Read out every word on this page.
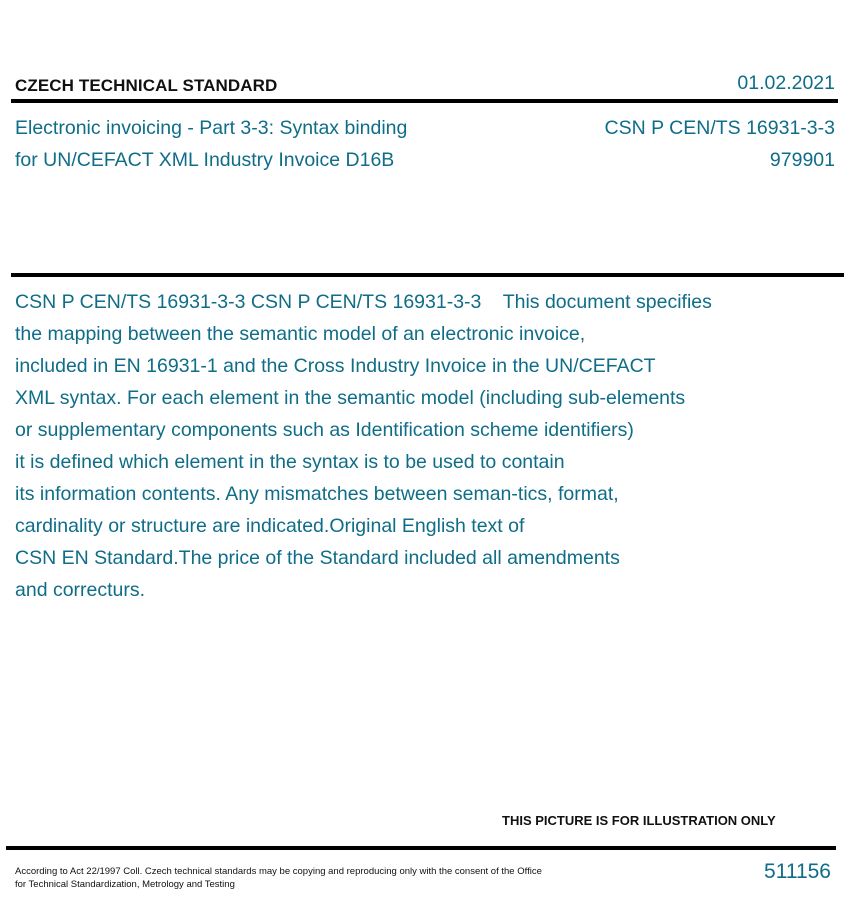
CZECH TECHNICAL STANDARD	01.02.2021
Electronic invoicing - Part 3-3: Syntax binding
for UN/CEFACT XML Industry Invoice D16B
CSN P CEN/TS 16931-3-3
979901
CSN P CEN/TS 16931-3-3 CSN P CEN/TS 16931-3-3    This document specifies
the mapping between the semantic model of an electronic invoice,
included in EN 16931-1 and the Cross Industry Invoice in the UN/CEFACT
XML syntax. For each element in the semantic model (including sub-elements
or supplementary components such as Identification scheme identifiers)
it is defined which element in the syntax is to be used to contain
its information contents. Any mismatches between seman-tics, format,
cardinality or structure are indicated.Original English text of
CSN EN Standard.The price of the Standard included all amendments
and correcturs.
THIS PICTURE IS FOR ILLUSTRATION ONLY
According to Act 22/1997 Coll. Czech technical standards may be copying and reproducing only with the consent of the Office
for Technical Standardization, Metrology and Testing
511156
